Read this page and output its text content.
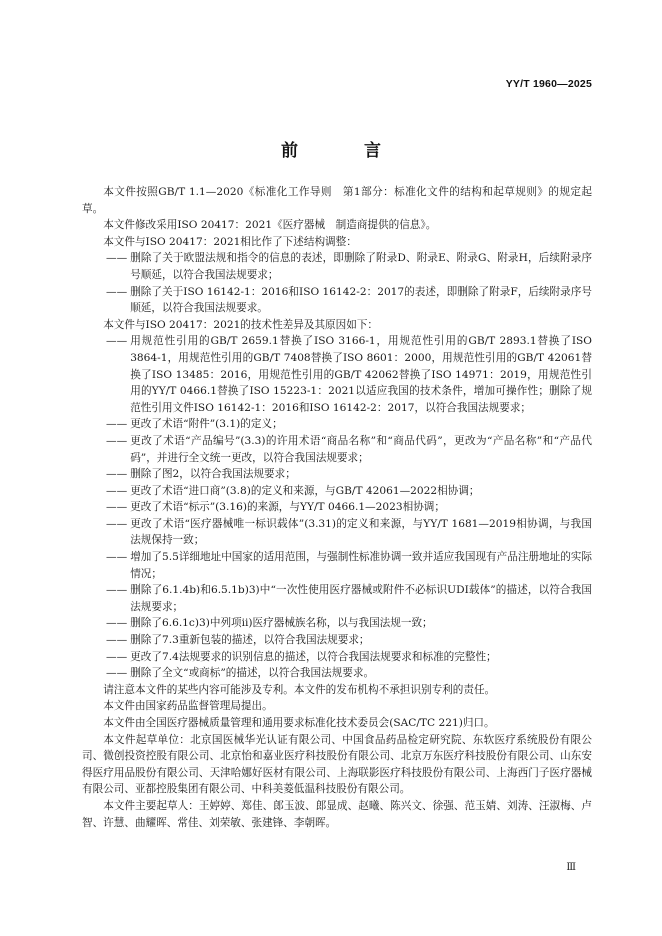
YY/T 1960—2025
前 言

本文件按照GB/T 1.1—2020《标准化工作导则　第1部分：标准化文件的结构和起草规则》的规定起草。

本文件修改采用ISO 20417：2021《医疗器械　制造商提供的信息》。

本文件与ISO 20417：2021相比作了下述结构调整：

—— 删除了关于欧盟法规和指令的信息的表述，即删除了附录D、附录E、附录G、附录H，后续附录序号顺延，以符合我国法规要求；
—— 删除了关于ISO 16142-1：2016和ISO 16142-2：2017的表述，即删除了附录F，后续附录序号顺延，以符合我国法规要求。

本文件与ISO 20417：2021的技术性差异及其原因如下：

—— 用规范性引用的GB/T 2659.1替换了ISO 3166-1，用规范性引用的GB/T 2893.1替换了ISO 3864-1，用规范性引用的GB/T 7408替换了ISO 8601：2000，用规范性引用的GB/T 42061替换了ISO 13485：2016，用规范性引用的GB/T 42062替换了ISO 14971：2019，用规范性引用的YY/T 0466.1替换了ISO 15223-1：2021以适应我国的技术条件，增加可操作性；删除了规范性引用文件ISO 16142-1：2016和ISO 16142-2：2017，以符合我国法规要求；
—— 更改了术语“附件”(3.1)的定义；
—— 更改了术语“产品编号”(3.3)的许用术语“商品名称”和“商品代码”，更改为“产品名称”和“产品代码”，并进行全文统一更改，以符合我国法规要求；
—— 删除了图2，以符合我国法规要求；
—— 更改了术语“进口商”(3.8)的定义和来源，与GB/T 42061—2022相协调；
—— 更改了术语“标示”(3.16)的来源，与YY/T 0466.1—2023相协调；
—— 更改了术语“医疗器械唯一标识载体”(3.31)的定义和来源，与YY/T 1681—2019相协调，与我国法规保持一致；
—— 增加了5.5详细地址中国家的适用范围，与强制性标准协调一致并适应我国现有产品注册地址的实际情况；
—— 删除了6.1.4b)和6.5.1b)3)中“一次性使用医疗器械或附件不必标识UDI载体”的描述，以符合我国法规要求；
—— 删除了6.6.1c)3)中列项ⅱ)医疗器械族名称，以与我国法规一致；
—— 删除了7.3重新包装的描述，以符合我国法规要求；
—— 更改了7.4法规要求的识别信息的描述，以符合我国法规要求和标准的完整性；
—— 删除了全文“或商标”的描述，以符合我国法规要求。

请注意本文件的某些内容可能涉及专利。本文件的发布机构不承担识别专利的责任。

本文件由国家药品监督管理局提出。

本文件由全国医疗器械质量管理和通用要求标准化技术委员会(SAC/TC 221)归口。

本文件起草单位：北京国医械华光认证有限公司、中国食品药品检定研究院、东软医疗系统股份有限公司、微创投资控股有限公司、北京怡和嘉业医疗科技股份有限公司、北京万东医疗科技股份有限公司、山东安得医疗用品股份有限公司、天津哈娜好医材有限公司、上海联影医疗科技股份有限公司、上海西门子医疗器械有限公司、亚都控股集团有限公司、中科美菱低温科技股份有限公司。

本文件主要起草人：王婷婷、郑佳、郎玉波、郎显成、赵曦、陈兴文、徐强、范玉婧、刘涛、汪淑梅、卢智、许慧、曲耀晖、常佳、刘荣敏、张建锋、李朝晖。

Ⅲ
